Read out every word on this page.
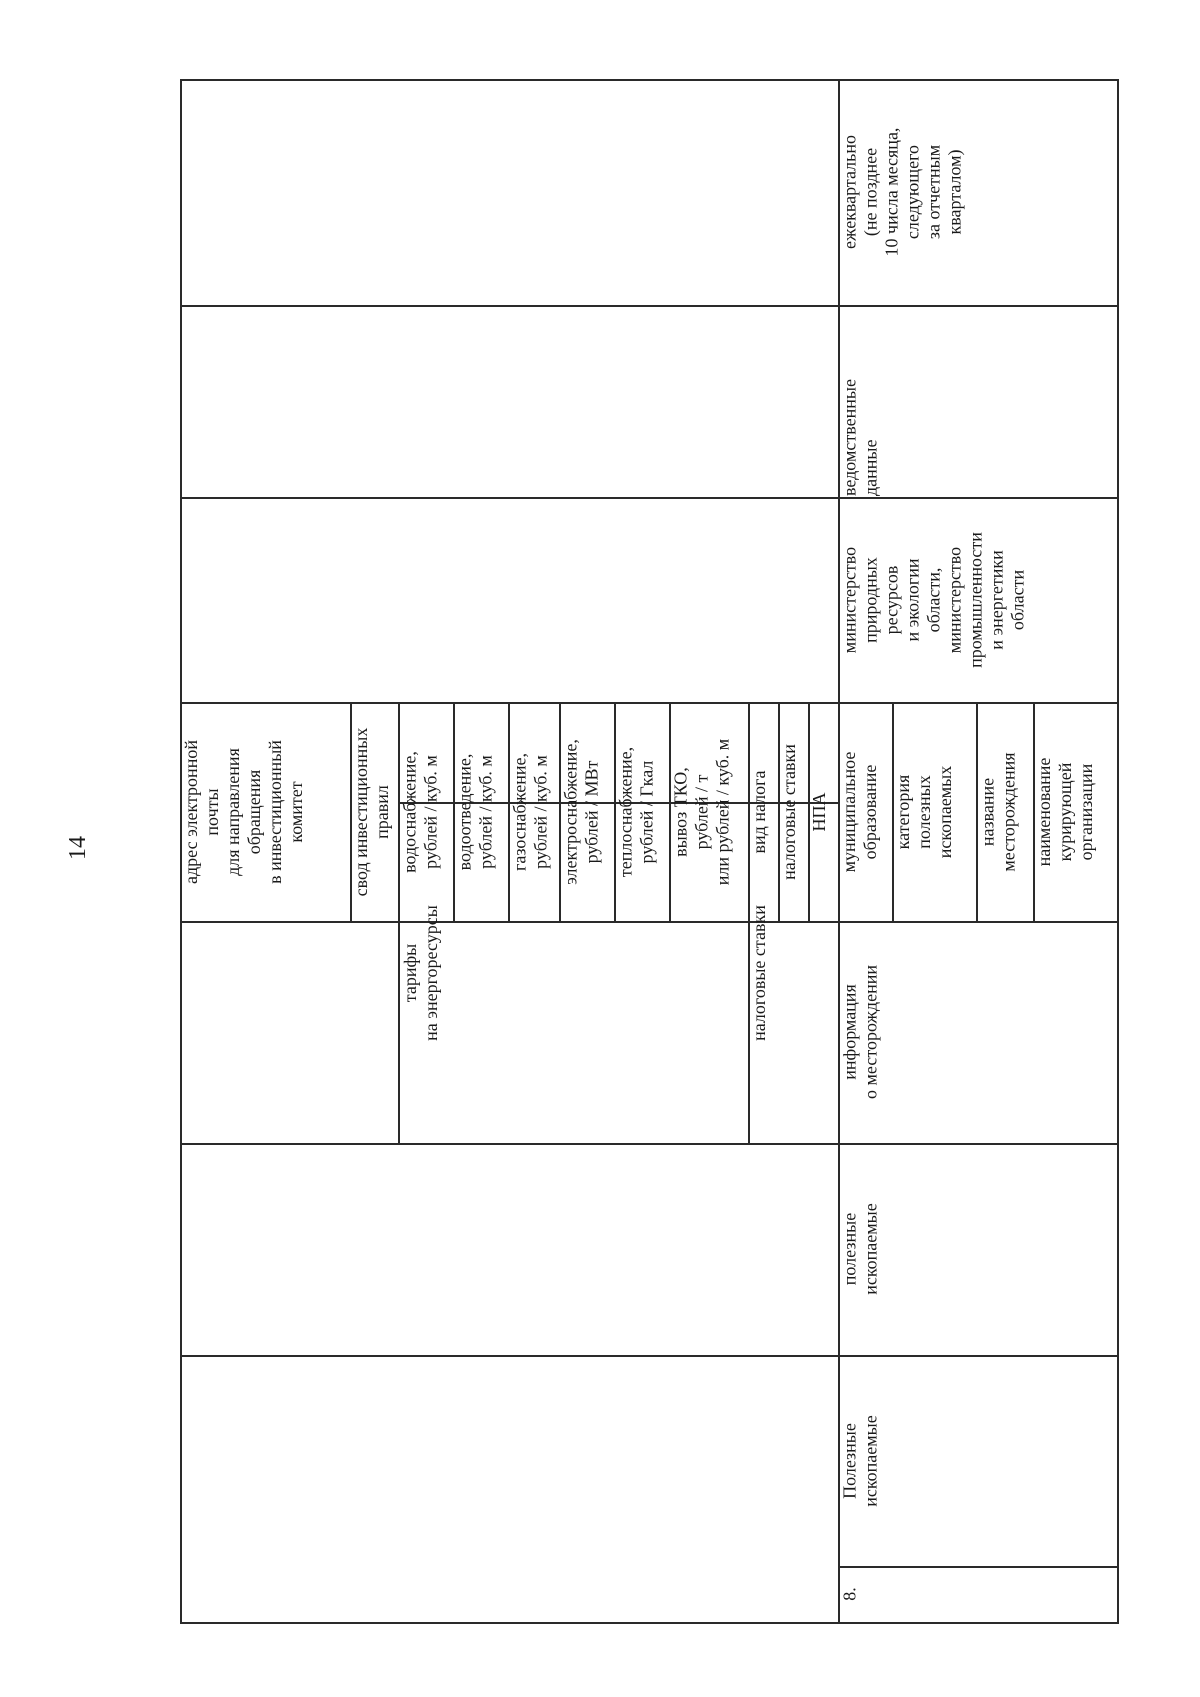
14	адрес электронной
почты
для направления
обращения
в инвестиционный
комитет
свод инвестиционных
правил
тарифы
на энергоресурсы
водоснабжение,
рублей / куб. м водоотведение,
рублей / куб. м газоснабжение,
рублей / куб. м электроснабжение,
рублей / МВт теплоснабжение,
рублей / Гкал
вывоз ТКО,
рублей / т
или рублей / куб. м
налоговые ставки
вид налога налоговые ставки НПА
8.
Полезные
ископаемые
полезные
ископаемые
информация
о месторождении
муниципальное
образование категория
полезных
ископаемых название
месторождения наименование
курирующей
организации
министерство
природных
ресурсов
и экологии
области,
министерство
промышленности
и энергетики
области
ведомственные
данные
ежеквартально
(не позднее
10 числа месяца,
следующего
за отчетным
кварталом)
